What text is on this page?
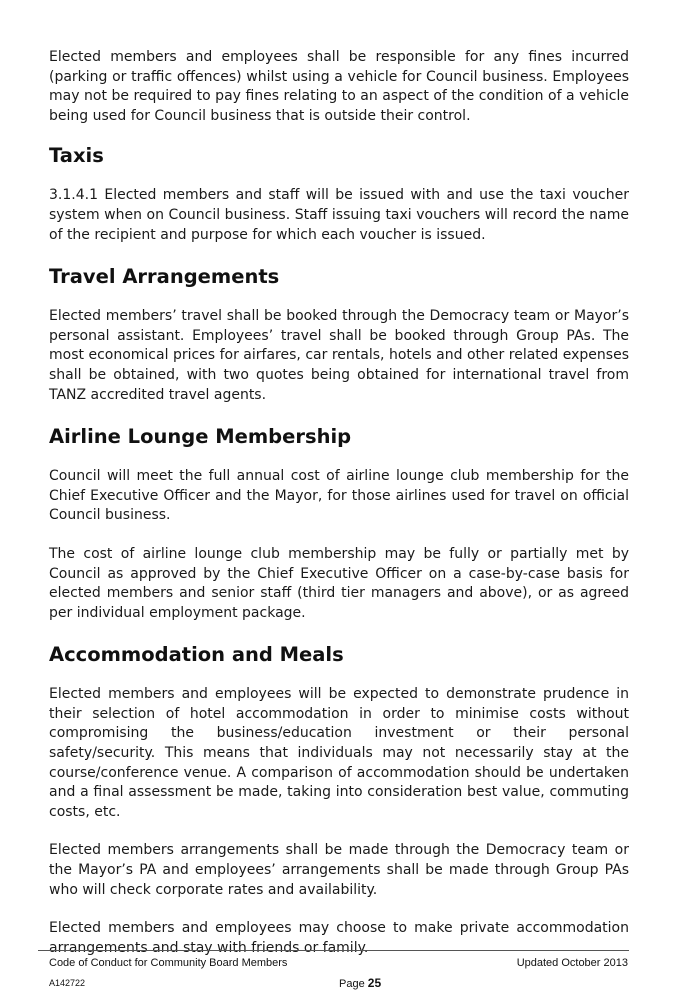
Elected members and employees shall be responsible for any fines incurred (parking or traffic offences) whilst using a vehicle for Council business. Employees may not be required to pay fines relating to an aspect of the condition of a vehicle being used for Council business that is outside their control.

Taxis

3.1.4.1 Elected members and staff will be issued with and use the taxi voucher system when on Council business. Staff issuing taxi vouchers will record the name of the recipient and purpose for which each voucher is issued.

Travel Arrangements

Elected members’ travel shall be booked through the Democracy team or Mayor’s personal assistant. Employees’ travel shall be booked through Group PAs. The most economical prices for airfares, car rentals, hotels and other related expenses shall be obtained, with two quotes being obtained for international travel from TANZ accredited travel agents.

Airline Lounge Membership

Council will meet the full annual cost of airline lounge club membership for the Chief Executive Officer and the Mayor, for those airlines used for travel on official Council business.

The cost of airline lounge club membership may be fully or partially met by Council as approved by the Chief Executive Officer on a case-by-case basis for elected members and senior staff (third tier managers and above), or as agreed per individual employment package.

Accommodation and Meals

Elected members and employees will be expected to demonstrate prudence in their selection of hotel accommodation in order to minimise costs without compromising the business/education investment or their personal safety/security. This means that individuals may not necessarily stay at the course/conference venue. A comparison of accommodation should be undertaken and a final assessment be made, taking into consideration best value, commuting costs, etc.

Elected members arrangements shall be made through the Democracy team or the Mayor’s PA and employees’ arrangements shall be made through Group PAs who will check corporate rates and availability.

Elected members and employees may choose to make private accommodation arrangements and stay with friends or family.

Code of Conduct for Community Board Members	Updated October 2013
A142722	Page 25
